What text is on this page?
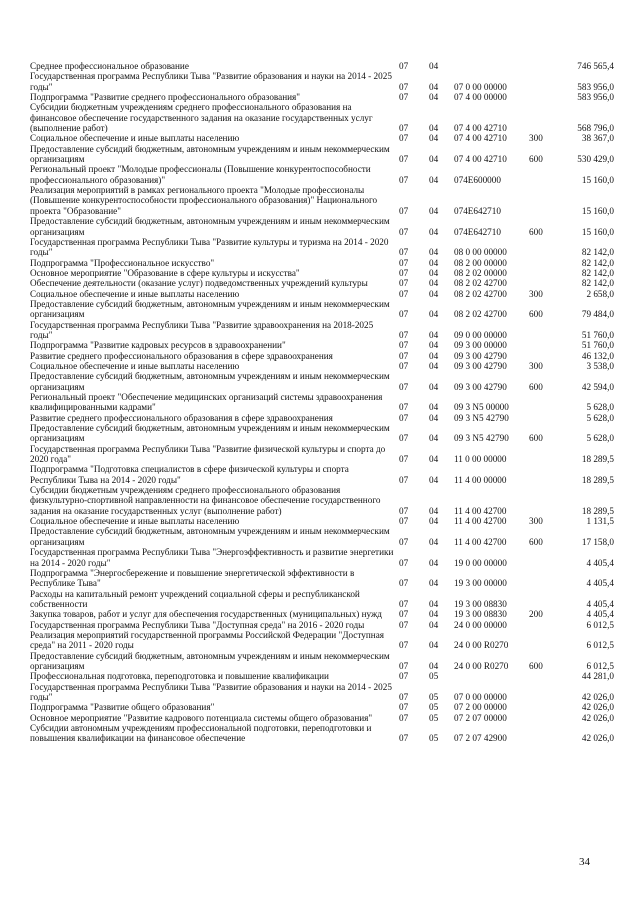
Среднее профессиональное образование	07	04			746 565,4
Государственная программа Республики Тыва "Развитие образования и науки на 2014 - 2025 годы"	07	04	07 0 00 00000		583 956,0
Подпрограмма "Развитие среднего профессионального образования"	07	04	07 4 00 00000		583 956,0
Субсидии бюджетным учреждениям среднего профессионального образования на финансовое обеспечение государственного задания на оказание государственных услуг (выполнение работ)	07	04	07 4 00 42710		568 796,0
Социальное обеспечение и иные выплаты населению	07	04	07 4 00 42710	300	38 367,0
Предоставление субсидий бюджетным, автономным учреждениям и иным некоммерческим организациям	07	04	07 4 00 42710	600	530 429,0
Региональный проект "Молодые профессионалы (Повышение конкурентоспособности профессионального образования)"	07	04	074E600000		15 160,0
Реализация мероприятий в рамках регионального проекта "Молодые профессионалы (Повышение конкурентоспособности профессионального образования)" Национального проекта "Образование"	07	04	074E642710		15 160,0
Предоставление субсидий бюджетным, автономным учреждениям и иным некоммерческим организациям	07	04	074E642710	600	15 160,0
Государственная программа Республики Тыва "Развитие культуры и туризма на 2014 - 2020 годы"	07	04	08 0 00 00000		82 142,0
Подпрограмма "Профессиональное искусство"	07	04	08 2 00 00000		82 142,0
Основное мероприятие "Образование в сфере культуры и искусства"	07	04	08 2 02 00000		82 142,0
Обеспечение деятельности (оказание услуг) подведомственных учреждений культуры	07	04	08 2 02 42700		82 142,0
Социальное обеспечение и иные выплаты населению	07	04	08 2 02 42700	300	2 658,0
Предоставление субсидий бюджетным, автономным учреждениям и иным некоммерческим организациям	07	04	08 2 02 42700	600	79 484,0
Государственная программа Республики Тыва "Развитие здравоохранения на 2018-2025 годы"	07	04	09 0 00 00000		51 760,0
Подпрограмма "Развитие кадровых ресурсов в здравоохранении"	07	04	09 3 00 00000		51 760,0
Развитие среднего профессионального образования в сфере здравоохранения	07	04	09 3 00 42790		46 132,0
Социальное обеспечение и иные выплаты населению	07	04	09 3 00 42790	300	3 538,0
Предоставление субсидий бюджетным, автономным учреждениям и иным некоммерческим организациям	07	04	09 3 00 42790	600	42 594,0
Региональный проект "Обеспечение медицинских организаций системы здравоохранения квалифицированными кадрами"	07	04	09 3 N5 00000		5 628,0
Развитие среднего профессионального образования в сфере здравоохранения	07	04	09 3 N5 42790		5 628,0
Предоставление субсидий бюджетным, автономным учреждениям и иным некоммерческим организациям	07	04	09 3 N5 42790	600	5 628,0
Государственная программа Республики Тыва "Развитие физической культуры и спорта до 2020 года"	07	04	11 0 00 00000		18 289,5
Подпрограмма "Подготовка специалистов в сфере физической культуры и спорта Республики Тыва на 2014 - 2020 годы"	07	04	11 4 00 00000		18 289,5
Субсидии бюджетным учреждениям среднего профессионального образования физкультурно-спортивной направленности на финансовое обеспечение государственного задания на оказание государственных услуг (выполнение работ)	07	04	11 4 00 42700		18 289,5
Социальное обеспечение и иные выплаты населению	07	04	11 4 00 42700	300	1 131,5
Предоставление субсидий бюджетным, автономным учреждениям и иным некоммерческим организациям	07	04	11 4 00 42700	600	17 158,0
Государственная программа Республики Тыва "Энергоэффективность и развитие энергетики на 2014 - 2020 годы"	07	04	19 0 00 00000		4 405,4
Подпрограмма "Энергосбережение и повышение энергетической эффективности в Республике Тыва"	07	04	19 3 00 00000		4 405,4
Расходы на капитальный ремонт учреждений социальной сферы и республиканской собственности	07	04	19 3 00 08830		4 405,4
Закупка товаров, работ и услуг для обеспечения государственных (муниципальных) нужд	07	04	19 3 00 08830	200	4 405,4
Государственная программа Республики Тыва "Доступная среда" на 2016 - 2020 годы	07	04	24 0 00 00000		6 012,5
Реализация мероприятий государственной программы Российской Федерации "Доступная среда" на 2011 - 2020 годы	07	04	24 0 00 R0270		6 012,5
Предоставление субсидий бюджетным, автономным учреждениям и иным некоммерческим организациям	07	04	24 0 00 R0270	600	6 012,5
Профессиональная подготовка, переподготовка и повышение квалификации	07	05			44 281,0
Государственная программа Республики Тыва "Развитие образования и науки на 2014 - 2025 годы"	07	05	07 0 00 00000		42 026,0
Подпрограмма "Развитие общего образования"	07	05	07 2 00 00000		42 026,0
Основное мероприятие "Развитие кадрового потенциала системы общего образования"	07	05	07 2 07 00000		42 026,0
Субсидии автономным учреждениям профессиональной подготовки, переподготовки и повышения квалификации на финансовое обеспечение	07	05	07 2 07 42900		42 026,0
34
